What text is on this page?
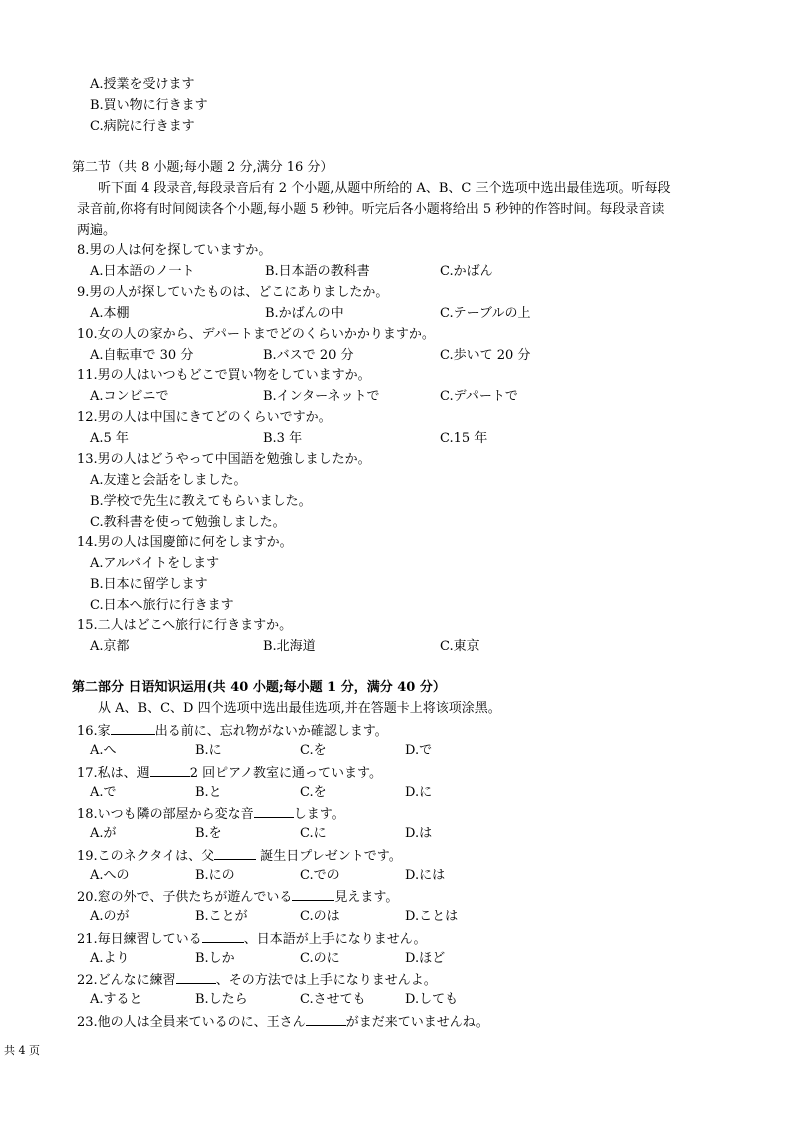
A.授業を受けます
B.買い物に行きます
C.病院に行きます
第二节（共 8 小题;每小题 2 分,满分 16 分）
听下面 4 段录音,每段录音后有 2 个小题,从题中所给的 A、B、C 三个选项中选出最佳选项。听每段
录音前,你将有时间阅读各个小题,每小题 5 秒钟。听完后各小题将给出 5 秒钟的作答时间。每段录音读
两遍。
8.男の人は何を探していますか。
A.日本語のノ一ト	B.日本語の教科書	C.かばん
9.男の人が探していたものは、どこにありましたか。
A.本棚	B.かばんの中	C.テーブルの上
10.女の人の家から、デパートまでどのくらいかかりますか。
A.自転車で 30 分	B.バスで 20 分	C.歩いて 20 分
11.男の人はいつもどこで買い物をしていますか。
A.コンビニで	B.インターネットで	C.デパートで
12.男の人は中国にきてどのくらいですか。
A.5 年	B.3 年	C.15 年
13.男の人はどうやって中国語を勉強しましたか。
A.友達と会話をしました。
B.学校で先生に教えてもらいました。
C.教科書を使って勉強しました。
14.男の人は国慶節に何をしますか。
A.アルバイトをします
B.日本に留学します
C.日本へ旅行に行きます
15.二人はどこへ旅行に行きますか。
A.京都	B.北海道	C.東京
第二部分 日语知识运用(共 40 小题;每小题 1 分，满分 40 分）
从 A、B、C、D 四个选项中选出最佳选项,并在答题卡上将该项涂黑。
16.家	出る前に、忘れ物がないか確認します。
A.へ	B.に	C.を	D.で
17.私は、週	2 回ピアノ教室に通っています。
A.で	B.と	C.を	D.に
18.いつも隣の部屋から変な音	します。
A.が	B.を	C.に	D.は
19.このネクタイは、父	誕生日プレゼントです。
A.への	B.にの	C.での	D.には
20.窓の外で、子供たちが遊んでいる	見えます。
A.のが	B.ことが	C.のは	D.ことは
21.毎日練習している	、日本語が上手になりません。
A.より	B.しか	C.のに	D.ほど
22.どんなに練習	、その方法では上手になりませんよ。
A.すると	B.したら	C.させても	D.しても
23.他の人は全員来ているのに、王さん	がまだ来ていませんね。
共 4 页
